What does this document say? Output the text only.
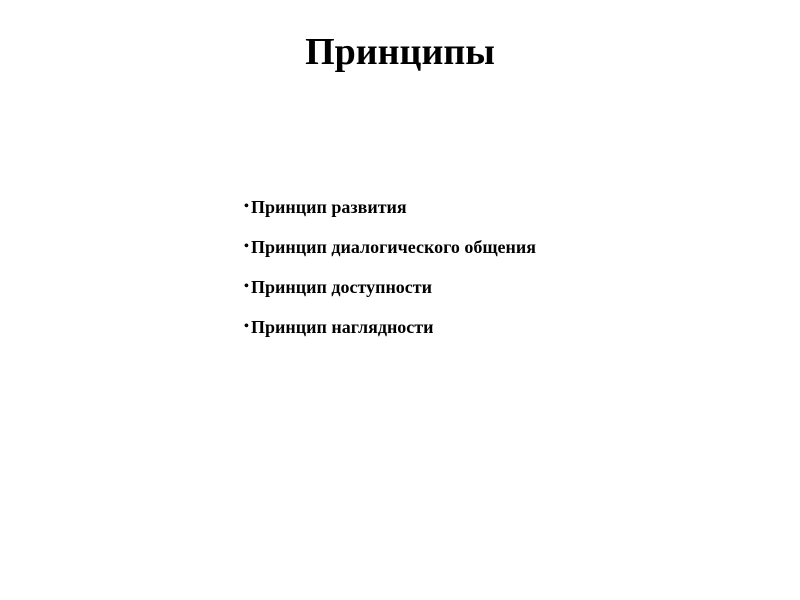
Принципы
• Принцип развития
• Принцип диалогического общения
• Принцип доступности
• Принцип наглядности
